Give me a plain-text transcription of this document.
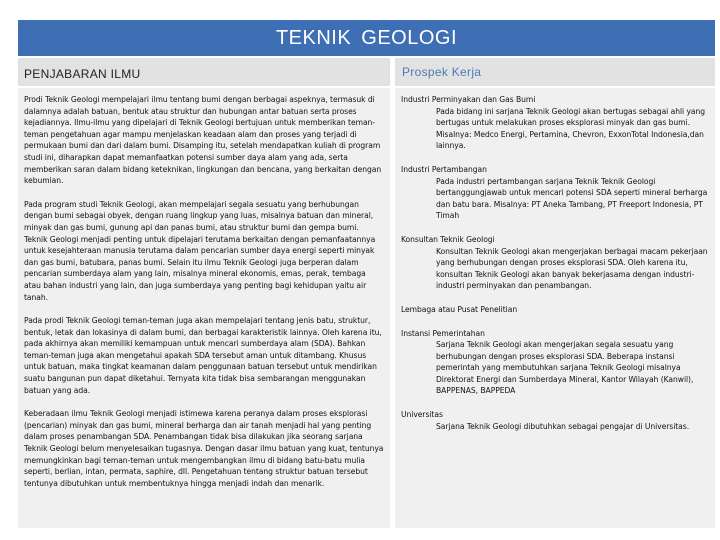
TEKNIK GEOLOGI
PENJABARAN ILMU

Prodi Teknik Geologi mempelajari ilmu tentang bumi dengan berbagai aspeknya, termasuk di dalamnya adalah batuan, bentuk atau struktur dan hubungan antar batuan serta proses kejadiannya. Ilmu-ilmu yang dipelajari di Teknik Geologi bertujuan untuk memberikan teman-teman pengetahuan agar mampu menjelaskan keadaan alam dan proses yang terjadi di permukaan bumi dan dari dalam bumi. Disamping itu, setelah mendapatkan kuliah di program studi ini, diharapkan dapat memanfaatkan potensi sumber daya alam yang ada, serta memberikan saran dalam bidang keteknikan, lingkungan dan bencana, yang berkaitan dengan kebumian.

Pada program studi Teknik Geologi, akan mempelajari segala sesuatu yang berhubungan dengan bumi sebagai obyek, dengan ruang lingkup yang luas, misalnya batuan dan mineral, minyak dan gas bumi, gunung api dan panas bumi, atau struktur bumi dan gempa bumi. Teknik Geologi menjadi penting untuk dipelajari terutama berkaitan dengan pemanfaatannya untuk kesejahteraan manusia terutama dalam pencarian sumber daya energi seperti minyak dan gas bumi, batubara, panas bumi. Selain itu ilmu Teknik Geologi juga berperan dalam pencarian sumberdaya alam yang lain, misalnya mineral ekonomis, emas, perak, tembaga atau bahan industri yang lain, dan juga sumberdaya yang penting bagi kehidupan yaitu air tanah.

Pada prodi Teknik Geologi teman-teman juga akan mempelajari tentang jenis batu, struktur, bentuk, letak dan lokasinya di dalam bumi, dan berbagai karakteristik lainnya. Oleh karena itu, pada akhirnya akan memiliki kemampuan untuk mencari sumberdaya alam (SDA). Bahkan teman-teman juga akan mengetahui apakah SDA tersebut aman untuk ditambang. Khusus untuk batuan, maka tingkat keamanan dalam penggunaan batuan tersebut untuk mendirikan suatu bangunan pun dapat diketahui. Ternyata kita tidak bisa sembarangan menggunakan batuan yang ada.

Keberadaan ilmu Teknik Geologi menjadi istimewa karena peranya dalam proses eksplorasi (pencarian) minyak dan gas bumi, mineral berharga dan air tanah menjadi hal yang penting dalam proses penambangan SDA. Penambangan tidak bisa dilakukan jika seorang sarjana Teknik Geologi belum menyelesaikan tugasnya. Dengan dasar ilmu batuan yang kuat, tentunya memungkinkan bagi teman-teman untuk mengembangkan ilmu di bidang batu-batu mulia seperti, berlian, intan, permata, saphire, dll. Pengetahuan tentang struktur batuan tersebut tentunya dibutuhkan untuk membentuknya hingga menjadi indah dan menarik.

Prospek Kerja

Industri Perminyakan dan Gas Bumi

Pada bidang ini sarjana Teknik Geologi akan bertugas sebagai ahli yang bertugas untuk melakukan proses eksplorasi minyak dan gas bumi. Misalnya: Medco Energi, Pertamina, Chevron, ExxonTotal Indonesia,dan lainnya.

Industri Pertambangan

Pada industri pertambangan sarjana Teknik Teknik Geologi bertanggungjawab untuk mencari potensi SDA seperti mineral berharga dan batu bara. Misalnya: PT Aneka Tambang, PT Freeport Indonesia, PT Timah

Konsultan Teknik Geologi

Konsultan Teknik Geologi akan mengerjakan berbagai macam pekerjaan yang berhubungan dengan proses eksplorasi SDA. Oleh karena itu, konsultan Teknik Geologi akan banyak bekerjasama dengan industri-industri perminyakan dan penambangan.

Lembaga atau Pusat Penelitian

Instansi Pemerintahan

Sarjana Teknik Geologi akan mengerjakan segala sesuatu yang berhubungan dengan proses eksplorasi SDA. Beberapa instansi pemerintah yang membutuhkan sarjana Teknik Geologi misalnya Direktorat Energi dan Sumberdaya Mineral, Kantor Wilayah (Kanwil), BAPPENAS, BAPPEDA

Universitas

Sarjana Teknik Geologi dibutuhkan sebagai pengajar di Universitas.
